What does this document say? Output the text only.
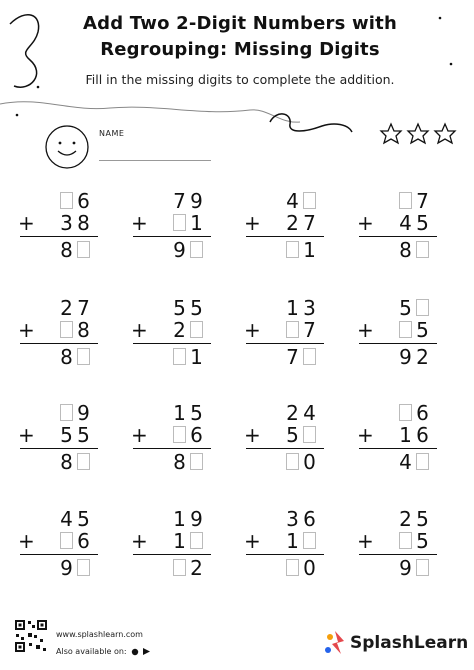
Add Two 2-Digit Numbers with
Regrouping: Missing Digits
Fill in the missing digits to complete the addition.
NAME
+
6
3 8
8
+
7 9
1
9
+
4
2 7
1
+
7
4 5
8
+
2 7
8
8
+
5 5
2
1
+
1 3
7
7
+
5
5
9 2
+
9
5 5
8
+
1 5
6
8
+
2 4
5
0
+
6
1 6
4
+
4 5
6
9
+
1 9
1
2
+
3 6
1
0
+
2 5
5
9
www.splashlearn.com
Also available on:	SplashLearn
